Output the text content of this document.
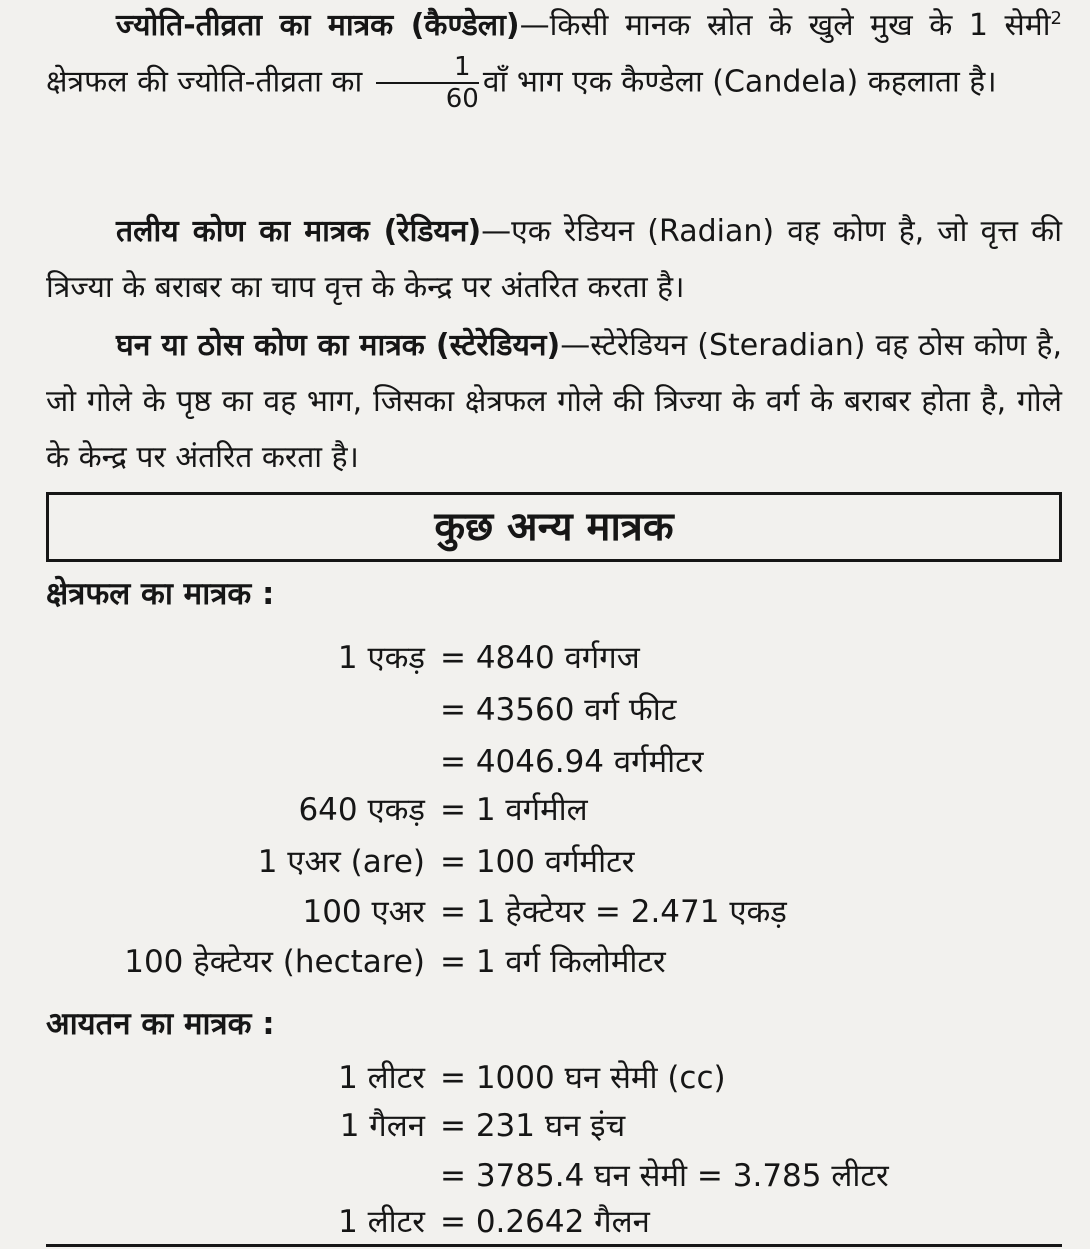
ज्योति-तीव्रता का मात्रक (कैण्डेला)—किसी मानक स्रोत के खुले मुख के 1 सेमी$^2$ क्षेत्रफल की ज्योति-तीव्रता का $\frac{1}{60}$ वाँ भाग एक कैण्डेला (Candela) कहलाता है।

तलीय कोण का मात्रक (रेडियन)—एक रेडियन (Radian) वह कोण है, जो वृत्त की त्रिज्या के बराबर का चाप वृत्त के केन्द्र पर अंतरित करता है।

घन या ठोस कोण का मात्रक (स्टेरेडियन)—स्टेरेडियन (Steradian) वह ठोस कोण है, जो गोले के पृष्ठ का वह भाग, जिसका क्षेत्रफल गोले की त्रिज्या के वर्ग के बराबर होता है, गोले के केन्द्र पर अंतरित करता है।

कुछ अन्य मात्रक
क्षेत्रफल का मात्रक :
1 एकड़ = 4840 वर्गगज
= 43560 वर्ग फीट
= 4046.94 वर्गमीटर
640 एकड़ = 1 वर्गमील
1 एअर (are) = 100 वर्गमीटर
100 एअर = 1 हेक्टेयर = 2.471 एकड़
100 हेक्टेयर (hectare) = 1 वर्ग किलोमीटर
आयतन का मात्रक :
1 लीटर = 1000 घन सेमी (cc)
1 गैलन = 231 घन इंच
= 3785.4 घन सेमी = 3.785 लीटर
1 लीटर = 0.2642 गैलन
